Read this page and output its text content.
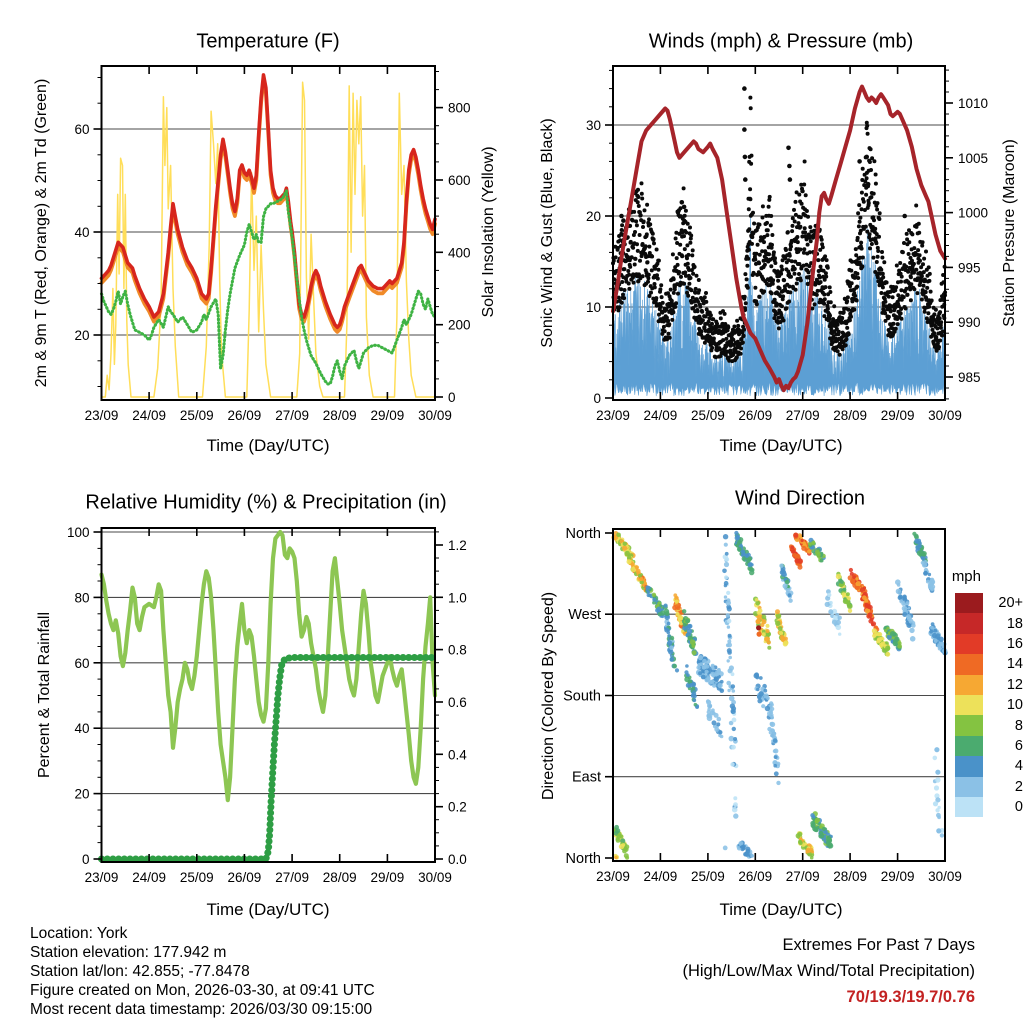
23/09 24/09 25/09 26/09 27/09 28/09 29/09 30/09
20
40
60
0
200
400
600
800
23/09 24/09 25/09 26/09 27/09 28/09 29/09 30/09
0
10
20
30
985
990
995
1000
1005
1010
23/09 24/09 25/09 26/09 27/09 28/09 29/09 30/09
0
20
40
60
80
100
0.0
0.2
0.4
0.6
0.8
1.0
1.2
23/09 24/09 25/09 26/09 27/09 28/09 29/09 30/09
North
West
South
East
North
Temperature (F)	Winds (mph) & Pressure (mb)
Relative Humidity (%) & Precipitation (in)	Wind Direction
Time (Day/UTC)	Time (Day/UTC)
Time (Day/UTC)	Time (Day/UTC)
2m & 9m T (Red, Orange) & 2m Td (Green)	Solar Insolation (Yellow)	Sonic Wind & Gust (Blue, Black)	Station Pressure (Maroon)
Percent & Total Rainfall	Direction (Colored By Speed)
mph
20+
18
16
14
12
10
8
6
4
2
0
Location: York
Station elevation: 177.942 m
Station lat/lon: 42.855; -77.8478
Figure created on Mon, 2026-03-30, at 09:41 UTC
Most recent data timestamp: 2026/03/30 09:15:00
Extremes For Past 7 Days
(High/Low/Max Wind/Total Precipitation)
70/19.3/19.7/0.76
